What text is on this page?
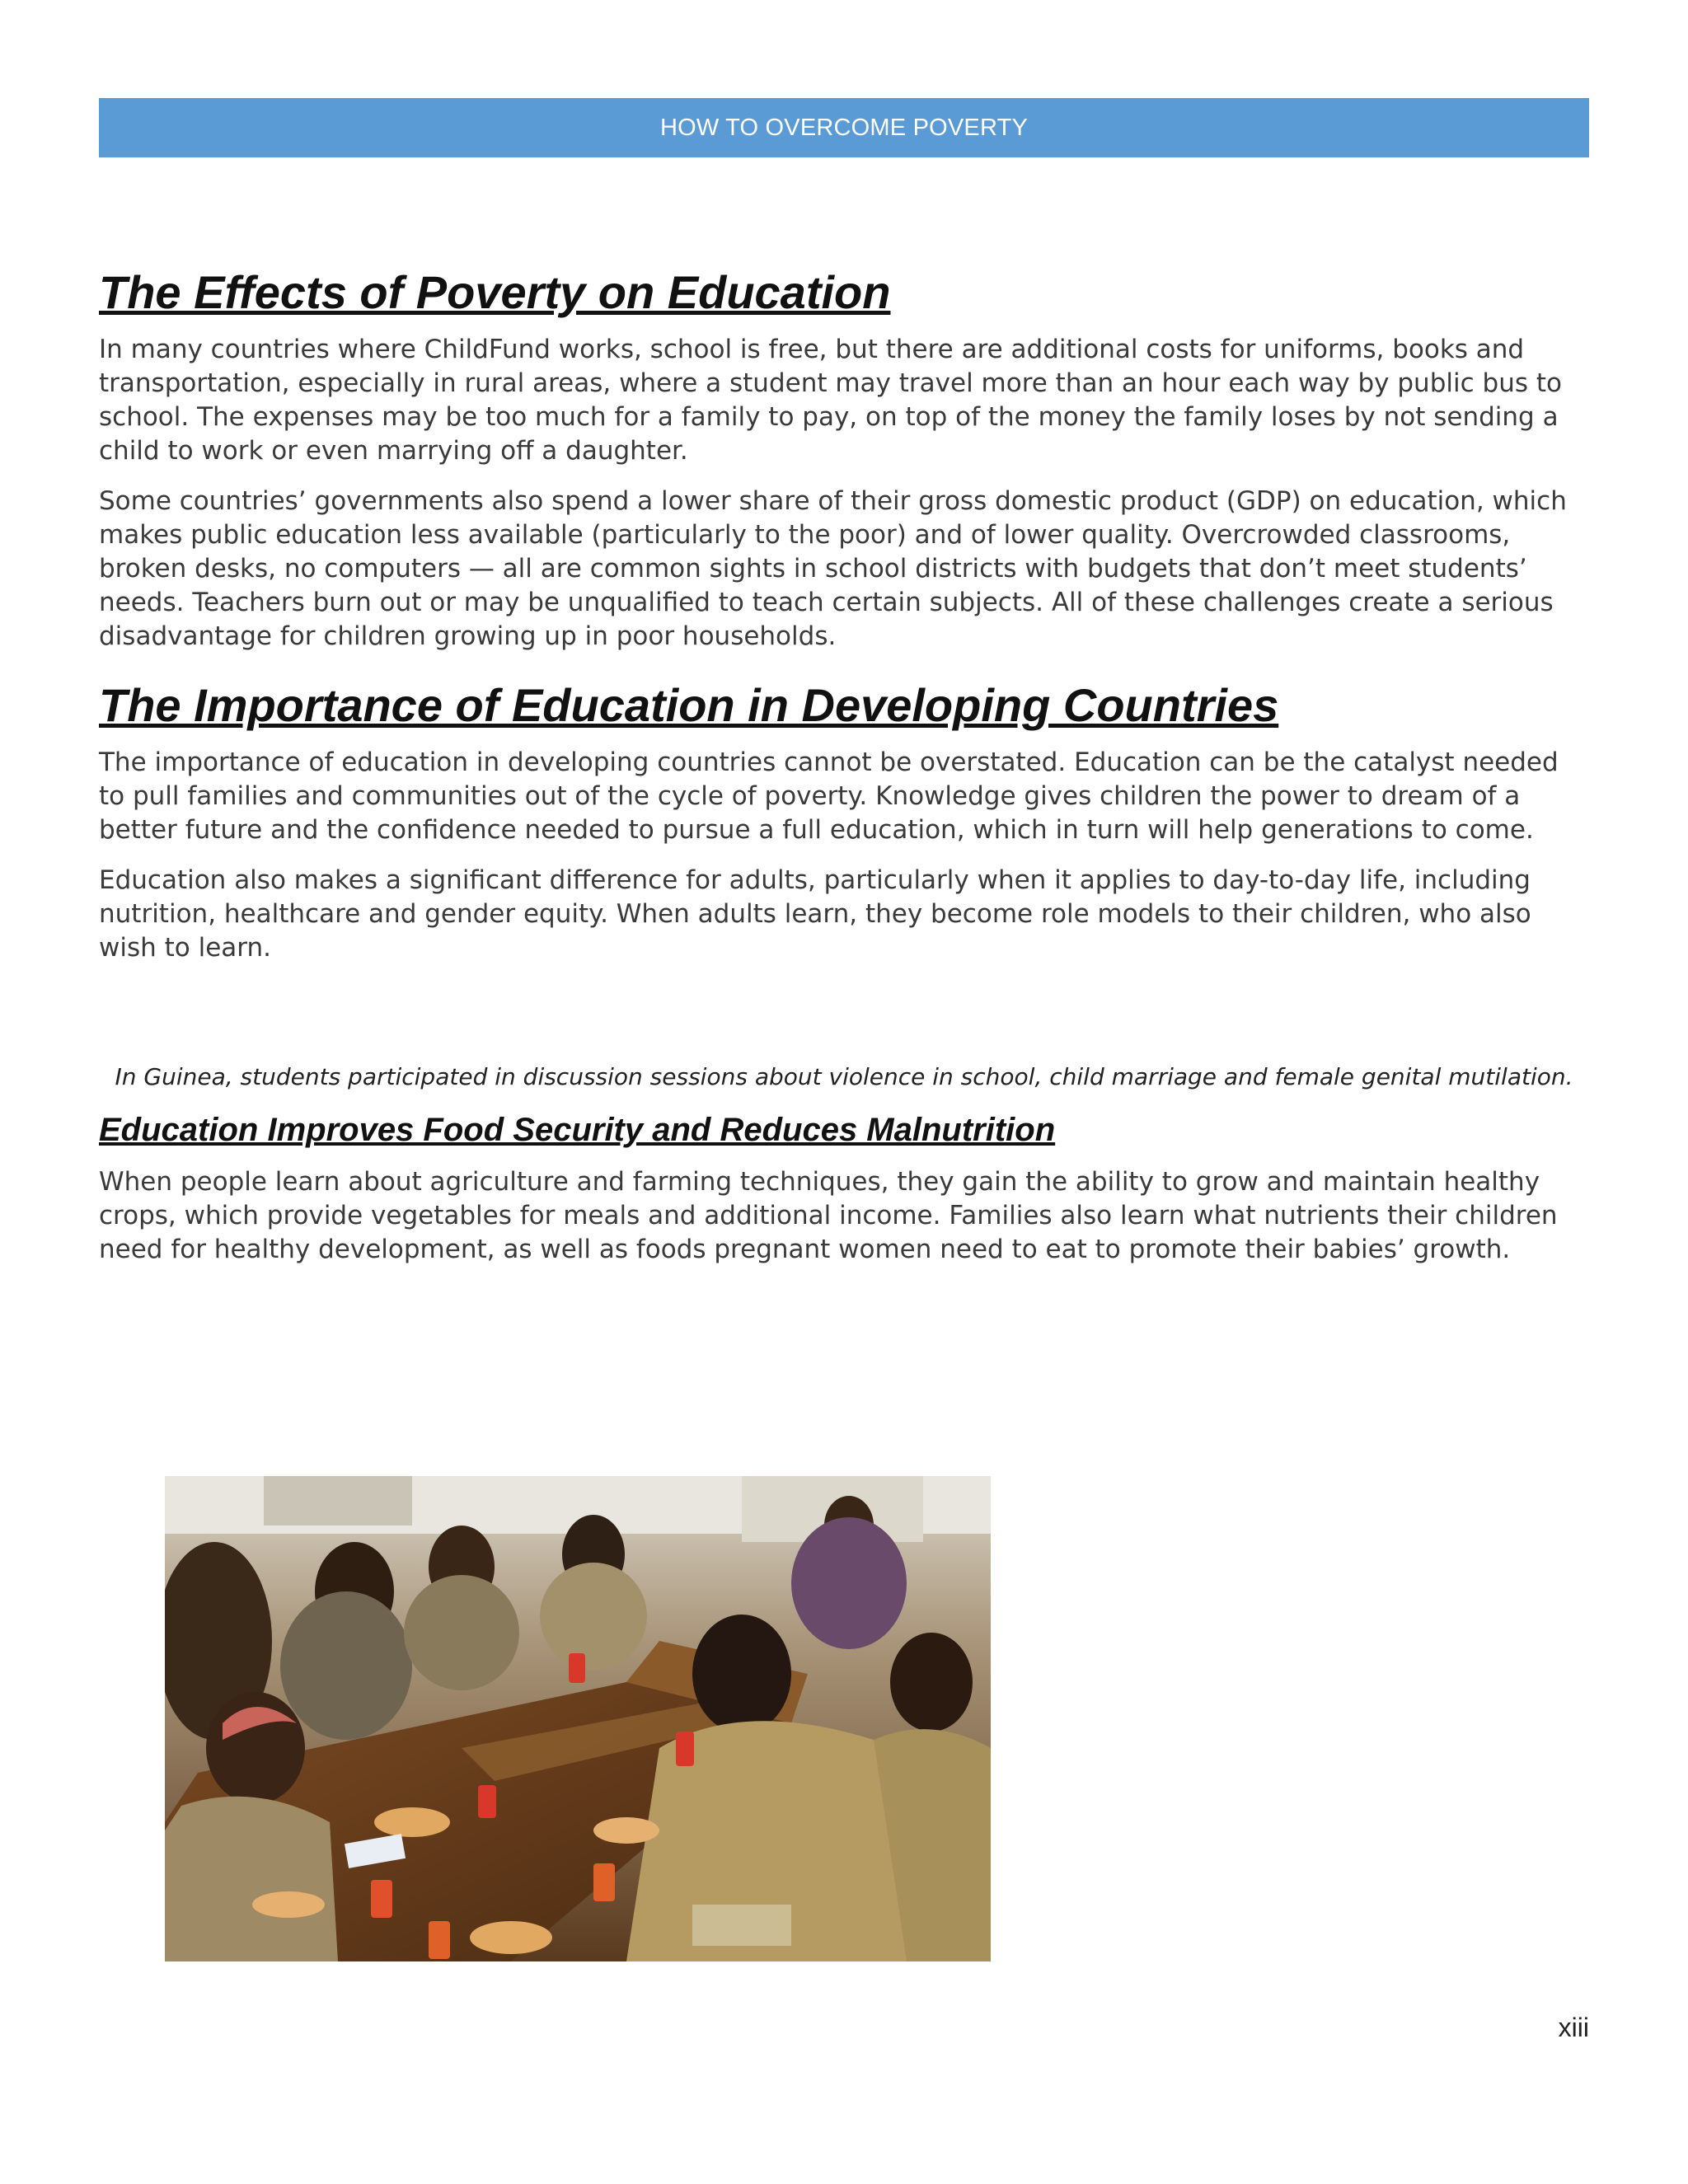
HOW TO OVERCOME POVERTY
The Effects of Poverty on Education

In many countries where ChildFund works, school is free, but there are additional costs for uniforms, books and transportation, especially in rural areas, where a student may travel more than an hour each way by public bus to school. The expenses may be too much for a family to pay, on top of the money the family loses by not sending a child to work or even marrying off a daughter.

Some countries’ governments also spend a lower share of their gross domestic product (GDP) on education, which makes public education less available (particularly to the poor) and of lower quality. Overcrowded classrooms, broken desks, no computers — all are common sights in school districts with budgets that don’t meet students’ needs. Teachers burn out or may be unqualified to teach certain subjects. All of these challenges create a serious disadvantage for children growing up in poor households.

The Importance of Education in Developing Countries

The importance of education in developing countries cannot be overstated. Education can be the catalyst needed to pull families and communities out of the cycle of poverty. Knowledge gives children the power to dream of a better future and the confidence needed to pursue a full education, which in turn will help generations to come.

Education also makes a significant difference for adults, particularly when it applies to day-to-day life, including nutrition, healthcare and gender equity. When adults learn, they become role models to their children, who also wish to learn.

In Guinea, students participated in discussion sessions about violence in school, child marriage and female genital mutilation.
Education Improves Food Security and Reduces Malnutrition

When people learn about agriculture and farming techniques, they gain the ability to grow and maintain healthy crops, which provide vegetables for meals and additional income. Families also learn what nutrients their children need for healthy development, as well as foods pregnant women need to eat to promote their babies’ growth.

xiii
